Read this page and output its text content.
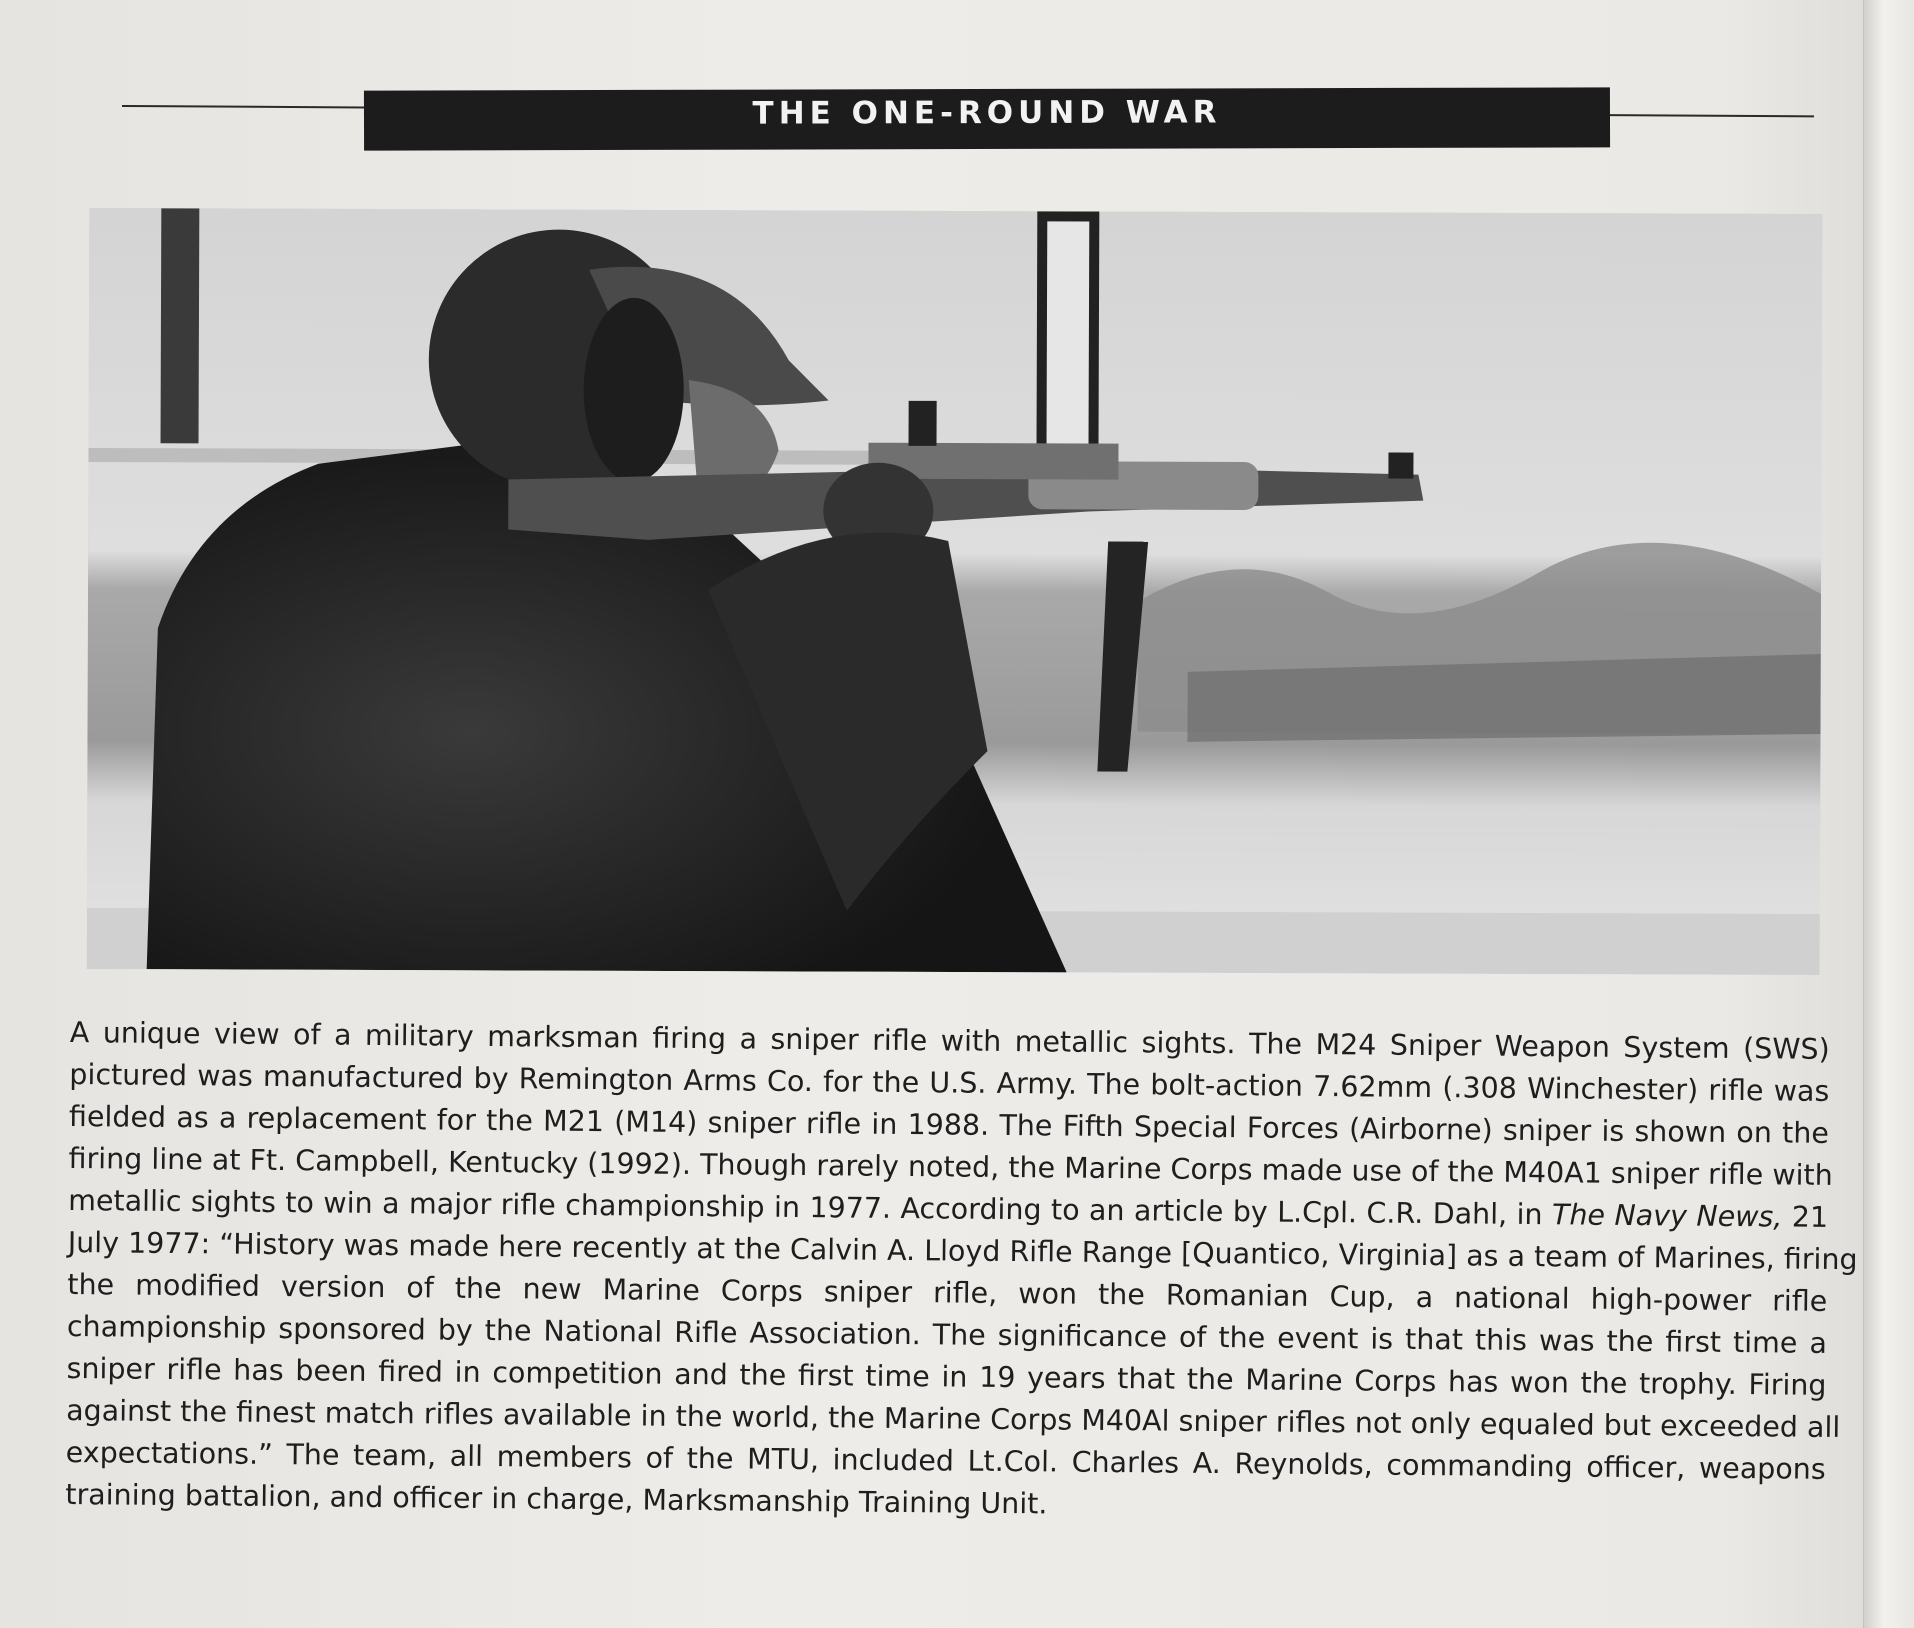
THE ONE-ROUND WAR
A unique view of a military marksman firing a sniper rifle with metallic sights. The M24 Sniper Weapon System (SWS)
pictured was manufactured by Remington Arms Co. for the U.S. Army. The bolt-action 7.62mm (.308 Winchester) rifle was
fielded as a replacement for the M21 (M14) sniper rifle in 1988. The Fifth Special Forces (Airborne) sniper is shown on the
firing line at Ft. Campbell, Kentucky (1992). Though rarely noted, the Marine Corps made use of the M40A1 sniper rifle with
metallic sights to win a major rifle championship in 1977. According to an article by L.Cpl. C.R. Dahl, in The Navy News, 21
July 1977: “History was made here recently at the Calvin A. Lloyd Rifle Range [Quantico, Virginia] as a team of Marines, firing
the modified version of the new Marine Corps sniper rifle, won the Romanian Cup, a national high-power rifle
championship sponsored by the National Rifle Association. The significance of the event is that this was the first time a
sniper rifle has been fired in competition and the first time in 19 years that the Marine Corps has won the trophy. Firing
against the finest match rifles available in the world, the Marine Corps M40Al sniper rifles not only equaled but exceeded all
expectations.” The team, all members of the MTU, included Lt.Col. Charles A. Reynolds, commanding officer, weapons
training battalion, and officer in charge, Marksmanship Training Unit.
